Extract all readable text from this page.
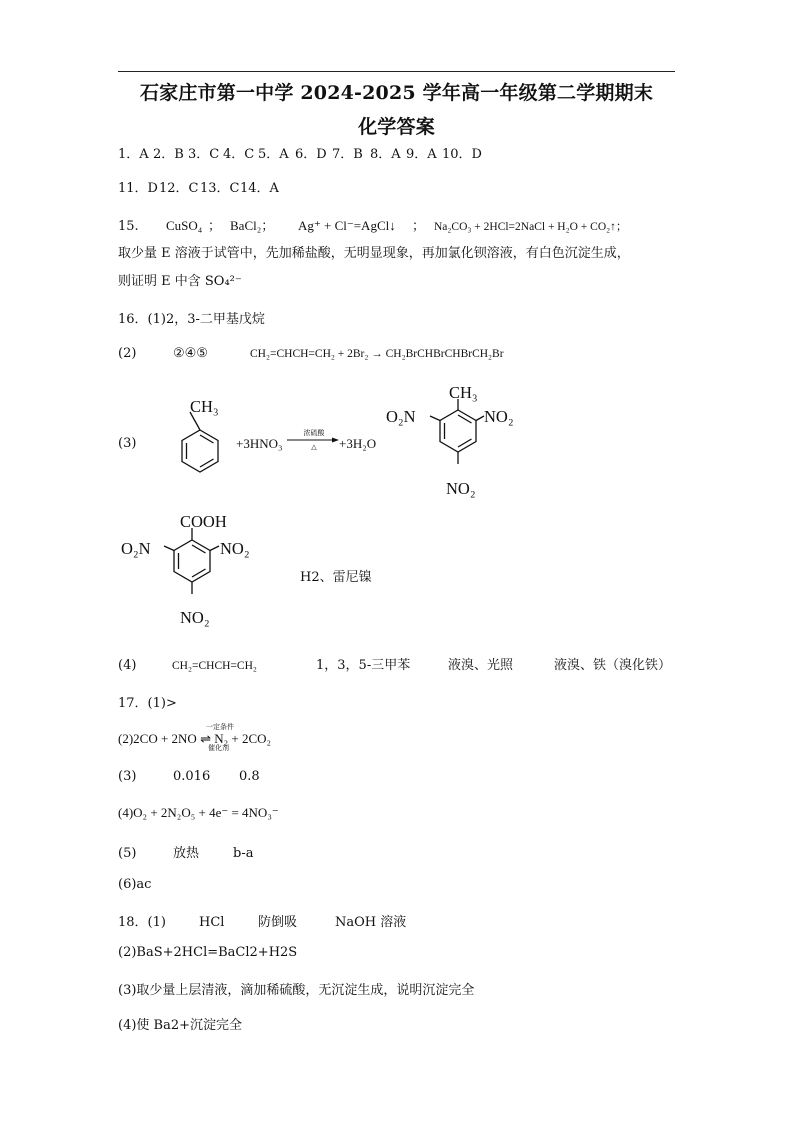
石家庄市第一中学 2024-2025 学年高一年级第二学期期末
化学答案
1．A 2．B 3．C 4．C 5．A 6．D 7．B 8．A 9．A 10．D
11．D12．C 13．C14．A
15. CuSO₄ ； BaCl₂； Ag⁺ + Cl⁻=AgCl↓ ； Na₂CO₃ + 2HCl=2NaCl + H₂O + CO₂↑；
取少量 E 溶液于试管中，先加稀盐酸，无明显现象，再加氯化钡溶液，有白色沉淀生成，
则证明 E 中含 SO₄²⁻
16．(1)2，3-二甲基戊烷
(2)	②④⑤	CH₂=CHCH=CH₂ + 2Br₂ → CH₂BrCHBrCHBrCH₂Br
(3)
CH₃
+3HNO₃
浓硫酸
△	+3H₂O
CH₃
O₂N	NO₂
NO₂
COOH
O₂N	NO₂
NO₂
H2、雷尼镍
(4)	CH₂=CHCH=CH₂	1，3，5-三甲苯	液溴、光照	液溴、铁（溴化铁）
17．(1)>
一定条件
(2)2CO + 2NO ⇌ N₂ + 2CO₂
催化剂
(3)	0.016 0.8
(4)O₂ + 2N₂O₅ + 4e⁻ = 4NO₃⁻
(5)	放热	b-a
(6)ac
18．(1)	HCl	防倒吸	NaOH 溶液
(2)BaS+2HCl=BaCl2+H2S
(3)取少量上层清液，滴加稀硫酸，无沉淀生成，说明沉淀完全
(4)使 Ba2+沉淀完全
